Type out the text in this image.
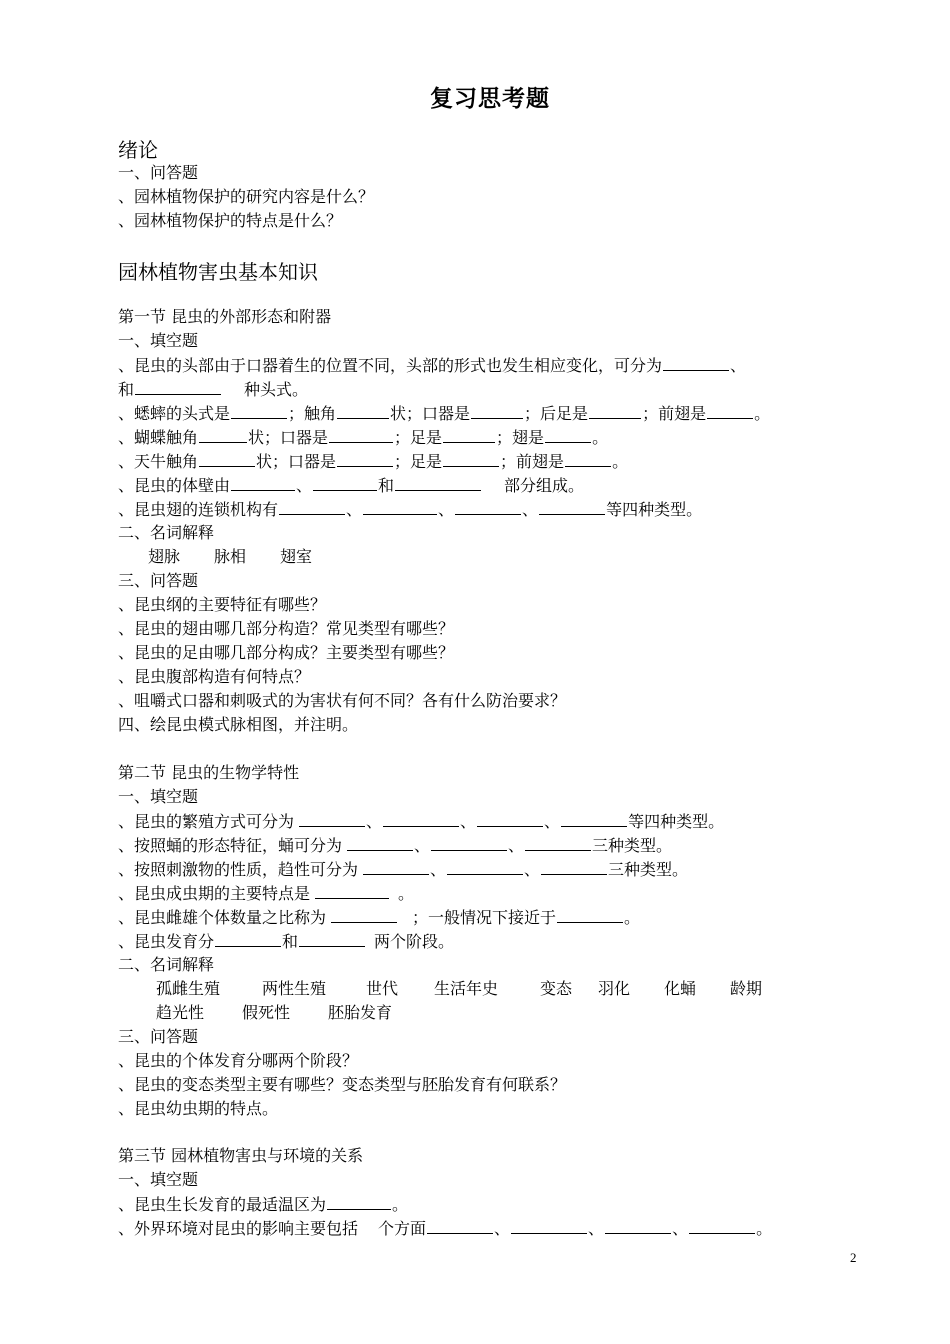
复习思考题
绪论
一、问答题
、园林植物保护的研究内容是什么？
、园林植物保护的特点是什么？
园林植物害虫基本知识
第一节 昆虫的外部形态和附器
一、填空题
、昆虫的头部由于口器着生的位置不同，头部的形式也发生相应变化，可分为	、
和	种头式。
、蟋蟀的头式是	；触角	状；口器是	；后足是	；前翅是	。
、蝴蝶触角	状；口器是	；足是	；翅是	。
、天牛触角	状；口器是	；足是	；前翅是	。
、昆虫的体壁由	、	和	部分组成。
、昆虫翅的连锁机构有	、	、	、	等四种类型。
二、名词解释
翅脉 脉相 翅室
三、问答题
、昆虫纲的主要特征有哪些？
、昆虫的翅由哪几部分构造？常见类型有哪些？
、昆虫的足由哪几部分构成？主要类型有哪些？
、昆虫腹部构造有何特点？
、咀嚼式口器和刺吸式的为害状有何不同？各有什么防治要求？
四、绘昆虫模式脉相图，并注明。
第二节 昆虫的生物学特性
一、填空题
、昆虫的繁殖方式可分为	、	、	、	等四种类型。
、按照蛹的形态特征，蛹可分为	、	、	三种类型。
、按照刺激物的性质，趋性可分为	、	、	三种类型。
、昆虫成虫期的主要特点是	。
、昆虫雌雄个体数量之比称为	；一般情况下接近于	。
、昆虫发育分	和	两个阶段。
二、名词解释
孤雌生殖	两性生殖 世代 生活年史	变态 羽化 化蛹 龄期
趋光性 假死性 胚胎发育
三、问答题
、昆虫的个体发育分哪两个阶段？
、昆虫的变态类型主要有哪些？变态类型与胚胎发育有何联系？
、昆虫幼虫期的特点。
第三节 园林植物害虫与环境的关系
一、填空题
、昆虫生长发育的最适温区为	。
、外界环境对昆虫的影响主要包括 个方面	、	、	、	。
2
